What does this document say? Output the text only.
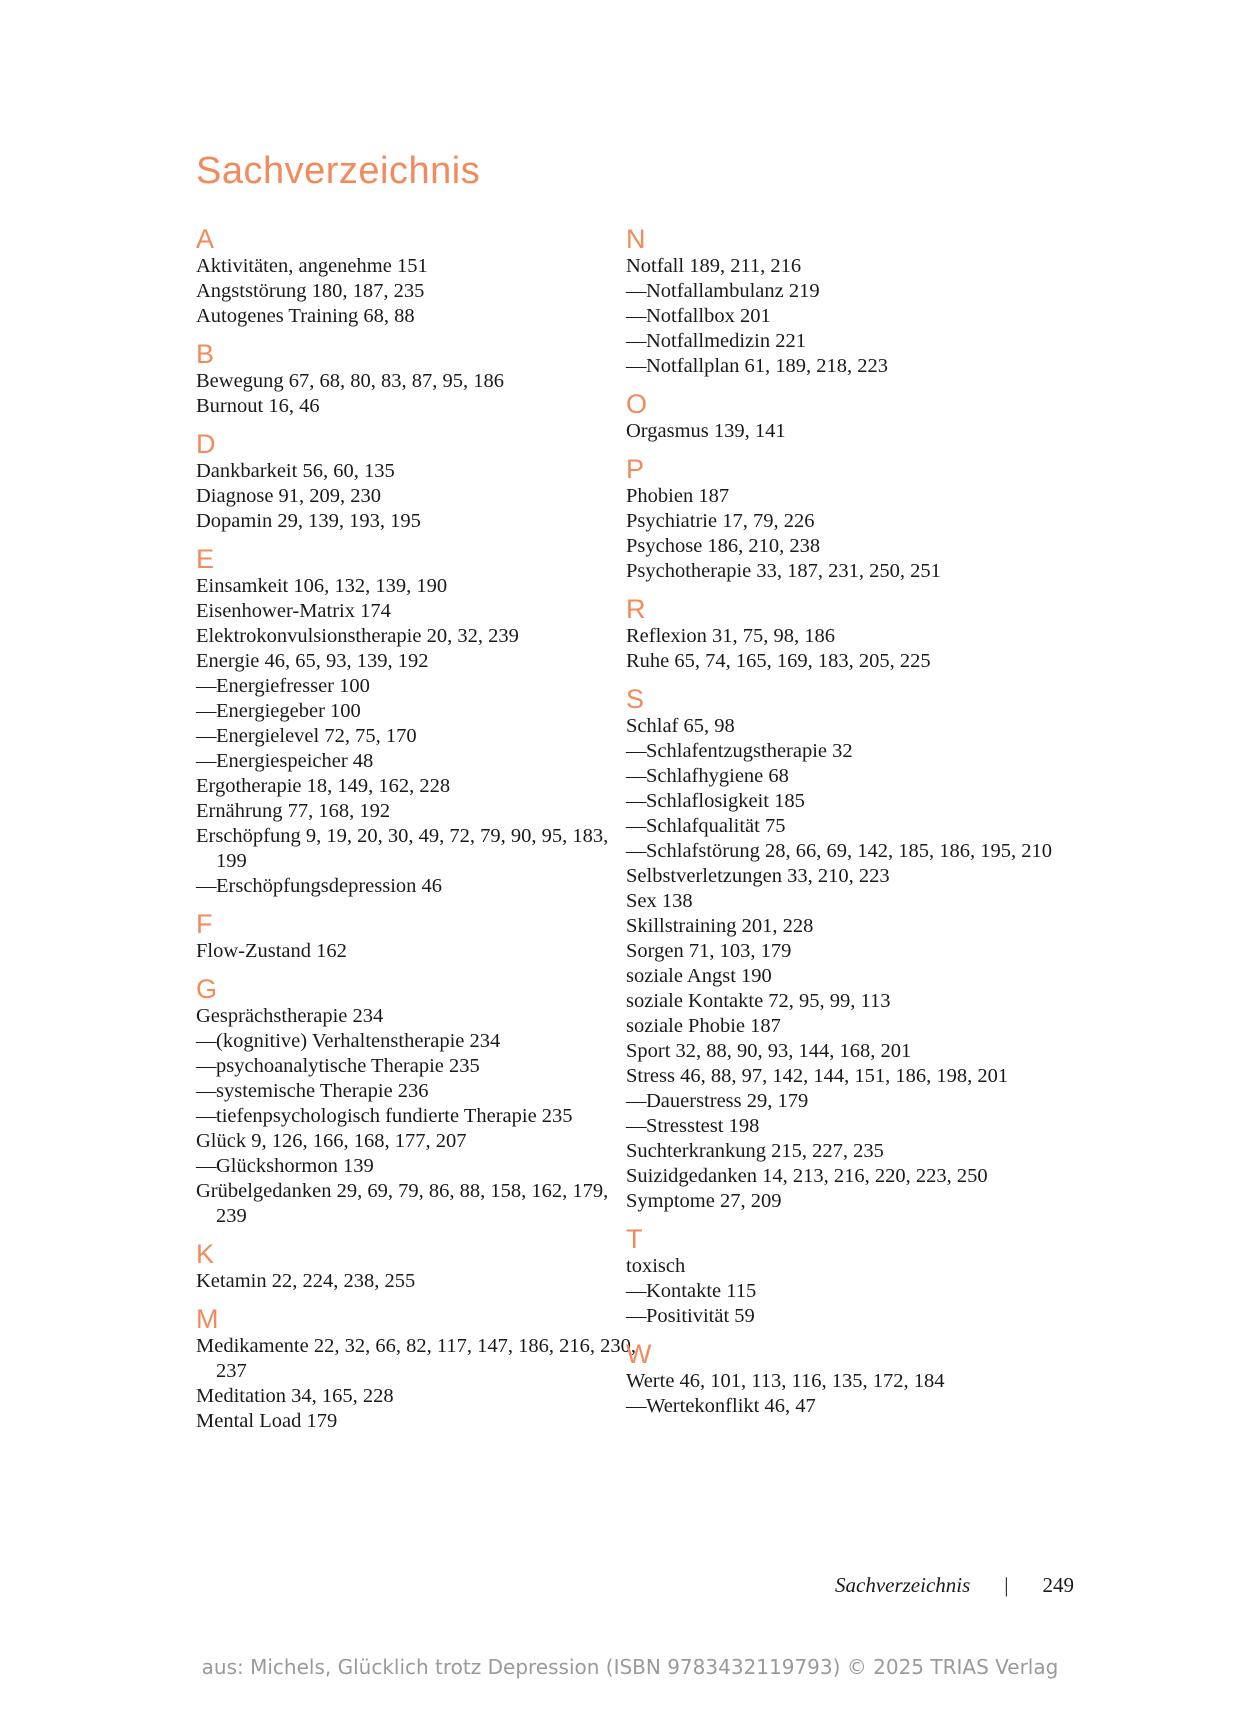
Sachverzeichnis
A
Aktivitäten, angenehme 151
Angststörung 180, 187, 235
Autogenes Training 68, 88
B
Bewegung 67, 68, 80, 83, 87, 95, 186
Burnout 16, 46
D
Dankbarkeit 56, 60, 135
Diagnose 91, 209, 230
Dopamin 29, 139, 193, 195
E
Einsamkeit 106, 132, 139, 190
Eisenhower-Matrix 174
Elektrokonvulsionstherapie 20, 32, 239
Energie 46, 65, 93, 139, 192
— Energiefresser 100
— Energiegeber 100
— Energielevel 72, 75, 170
— Energiespeicher 48
Ergotherapie 18, 149, 162, 228
Ernährung 77, 168, 192
Erschöpfung 9, 19, 20, 30, 49, 72, 79, 90, 95, 183, 199
— Erschöpfungsdepression 46
F
Flow-Zustand 162
G
Gesprächstherapie 234
— (kognitive) Verhaltenstherapie 234
— psychoanalytische Therapie 235
— systemische Therapie 236
— tiefenpsychologisch fundierte Therapie 235
Glück 9, 126, 166, 168, 177, 207
— Glückshormon 139
Grübelgedanken 29, 69, 79, 86, 88, 158, 162, 179, 239
K
Ketamin 22, 224, 238, 255
M
Medikamente 22, 32, 66, 82, 117, 147, 186, 216, 230, 237
Meditation 34, 165, 228
Mental Load 179
N
Notfall 189, 211, 216
— Notfallambulanz 219
— Notfallbox 201
— Notfallmedizin 221
— Notfallplan 61, 189, 218, 223
O
Orgasmus 139, 141
P
Phobien 187
Psychiatrie 17, 79, 226
Psychose 186, 210, 238
Psychotherapie 33, 187, 231, 250, 251
R
Reflexion 31, 75, 98, 186
Ruhe 65, 74, 165, 169, 183, 205, 225
S
Schlaf 65, 98
— Schlafentzugstherapie 32
— Schlafhygiene 68
— Schlaflosigkeit 185
— Schlafqualität 75
— Schlafstörung 28, 66, 69, 142, 185, 186, 195, 210
Selbstverletzungen 33, 210, 223
Sex 138
Skillstraining 201, 228
Sorgen 71, 103, 179
soziale Angst 190
soziale Kontakte 72, 95, 99, 113
soziale Phobie 187
Sport 32, 88, 90, 93, 144, 168, 201
Stress 46, 88, 97, 142, 144, 151, 186, 198, 201
— Dauerstress 29, 179
— Stresstest 198
Suchterkrankung 215, 227, 235
Suizidgedanken 14, 213, 216, 220, 223, 250
Symptome 27, 209
T
toxisch
— Kontakte 115
— Positivität 59
W
Werte 46, 101, 113, 116, 135, 172, 184
— Wertekonflikt 46, 47
Sachverzeichnis | 249
aus: Michels, Glücklich trotz Depression (ISBN 9783432119793) © 2025 TRIAS Verlag
